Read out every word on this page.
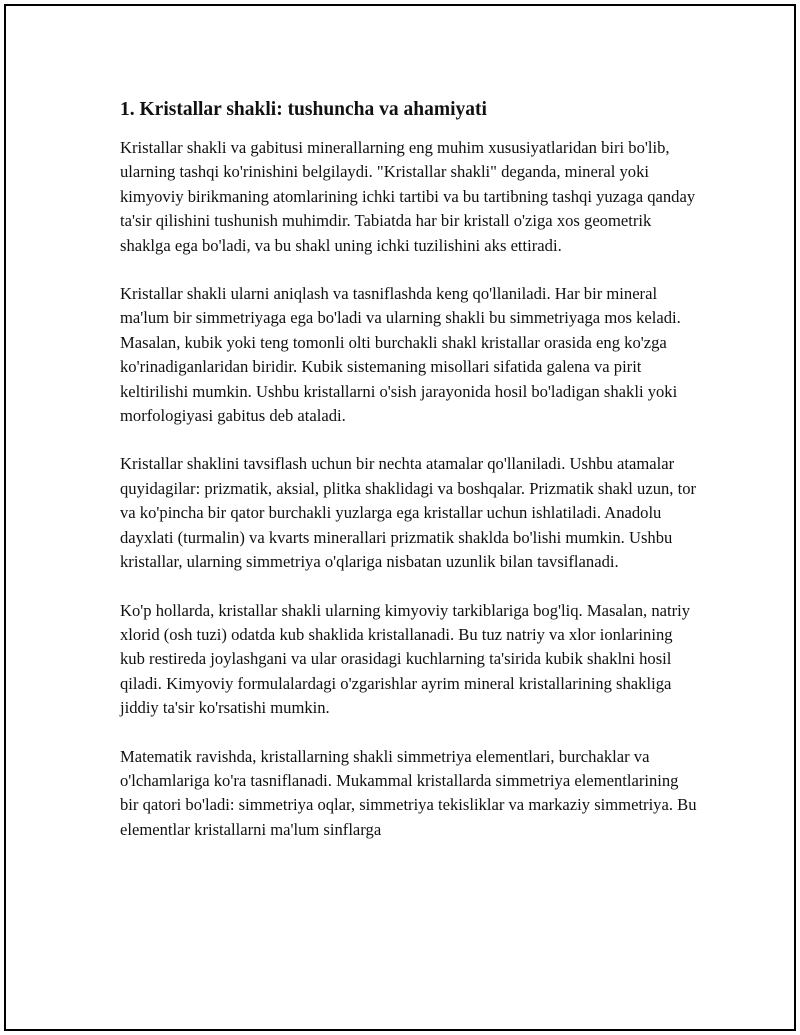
1. Kristallar shakli: tushuncha va ahamiyati

Kristallar shakli va gabitusi minerallarning eng muhim xususiyatlaridan biri bo'lib, ularning tashqi ko'rinishini belgilaydi. "Kristallar shakli" deganda, mineral yoki kimyoviy birikmaning atomlarining ichki tartibi va bu tartibning tashqi yuzaga qanday ta'sir qilishini tushunish muhimdir. Tabiatda har bir kristall o'ziga xos geometrik shaklga ega bo'ladi, va bu shakl uning ichki tuzilishini aks ettiradi.

Kristallar shakli ularni aniqlash va tasniflashda keng qo'llaniladi. Har bir mineral ma'lum bir simmetriyaga ega bo'ladi va ularning shakli bu simmetriyaga mos keladi. Masalan, kubik yoki teng tomonli olti burchakli shakl kristallar orasida eng ko'zga ko'rinadiganlaridan biridir. Kubik sistemaning misollari sifatida galena va pirit keltirilishi mumkin. Ushbu kristallarni o'sish jarayonida hosil bo'ladigan shakli yoki morfologiyasi gabitus deb ataladi.

Kristallar shaklini tavsiflash uchun bir nechta atamalar qo'llaniladi. Ushbu atamalar quyidagilar: prizmatik, aksial, plitka shaklidagi va boshqalar. Prizmatik shakl uzun, tor va ko'pincha bir qator burchakli yuzlarga ega kristallar uchun ishlatiladi. Anadolu dayxlati (turmalin) va kvarts minerallari prizmatik shaklda bo'lishi mumkin. Ushbu kristallar, ularning simmetriya o'qlariga nisbatan uzunlik bilan tavsiflanadi.

Ko'p hollarda, kristallar shakli ularning kimyoviy tarkiblariga bog'liq. Masalan, natriy xlorid (osh tuzi) odatda kub shaklida kristallanadi. Bu tuz natriy va xlor ionlarining kub restireda joylashgani va ular orasidagi kuchlarning ta'sirida kubik shaklni hosil qiladi. Kimyoviy formulalardagi o'zgarishlar ayrim mineral kristallarining shakliga jiddiy ta'sir ko'rsatishi mumkin.

Matematik ravishda, kristallarning shakli simmetriya elementlari, burchaklar va o'lchamlariga ko'ra tasniflanadi. Mukammal kristallarda simmetriya elementlarining bir qatori bo'ladi: simmetriya oqlar, simmetriya tekisliklar va markaziy simmetriya. Bu elementlar kristallarni ma'lum sinflarga
